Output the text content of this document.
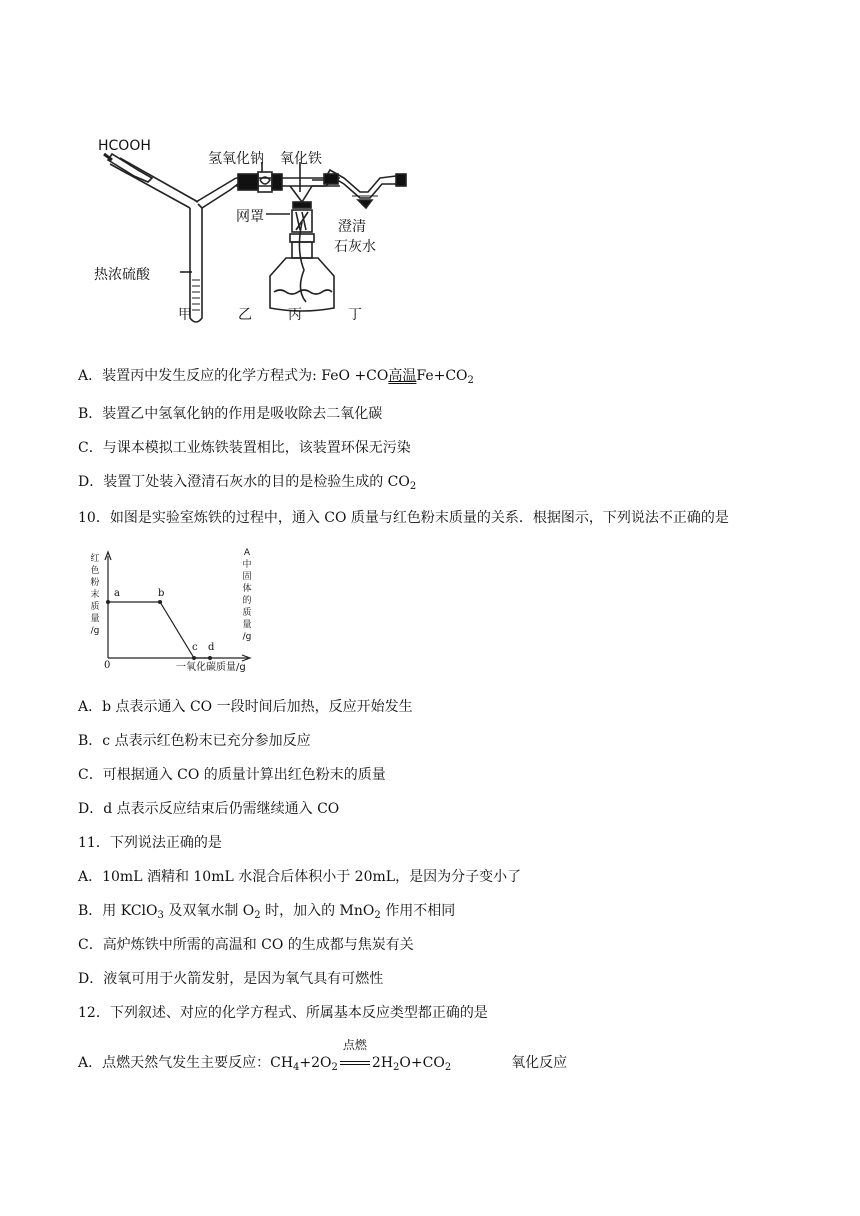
HCOOH
氢氧化钠 氧化铁
网罩
澄清
石灰水
热浓硫酸
甲	乙	丙	丁
A．装置丙中发生反应的化学方程式为: FeO +CO高温$Fe+CO_2$
B．装置乙中氢氧化钠的作用是吸收除去二氧化碳
C．与课本模拟工业炼铁装置相比，该装置环保无污染
D．装置丁处装入澄清石灰水的目的是检验生成的 $CO_2$
10．如图是实验室炼铁的过程中，通入 CO 质量与红色粉末质量的关系．根据图示，下列说法不正确的是
红
色
粉
末
质
量
/g
A
中
固
体
的
质
量
/g
0	一氧化碳质量/g
a	b
c d
A．b 点表示通入 CO 一段时间后加热，反应开始发生
B．c 点表示红色粉末已充分参加反应
C．可根据通入 CO 的质量计算出红色粉末的质量
D．d 点表示反应结束后仍需继续通入 CO
11．下列说法正确的是
A．10mL 酒精和 10mL 水混合后体积小于 20mL，是因为分子变小了
B．用 KClO$_3$ 及双氧水制 $O_2$ 时，加入的 MnO$_2$ 作用不相同
C．高炉炼铁中所需的高温和 CO 的生成都与焦炭有关
D．液氧可用于火箭发射，是因为氧气具有可燃性
12．下列叙述、对应的化学方程式、所属基本反应类型都正确的是
A．点燃天然气发生主要反应：$CH_4+2O_2$
点燃
$2H_2O+CO_2$	氧化反应
